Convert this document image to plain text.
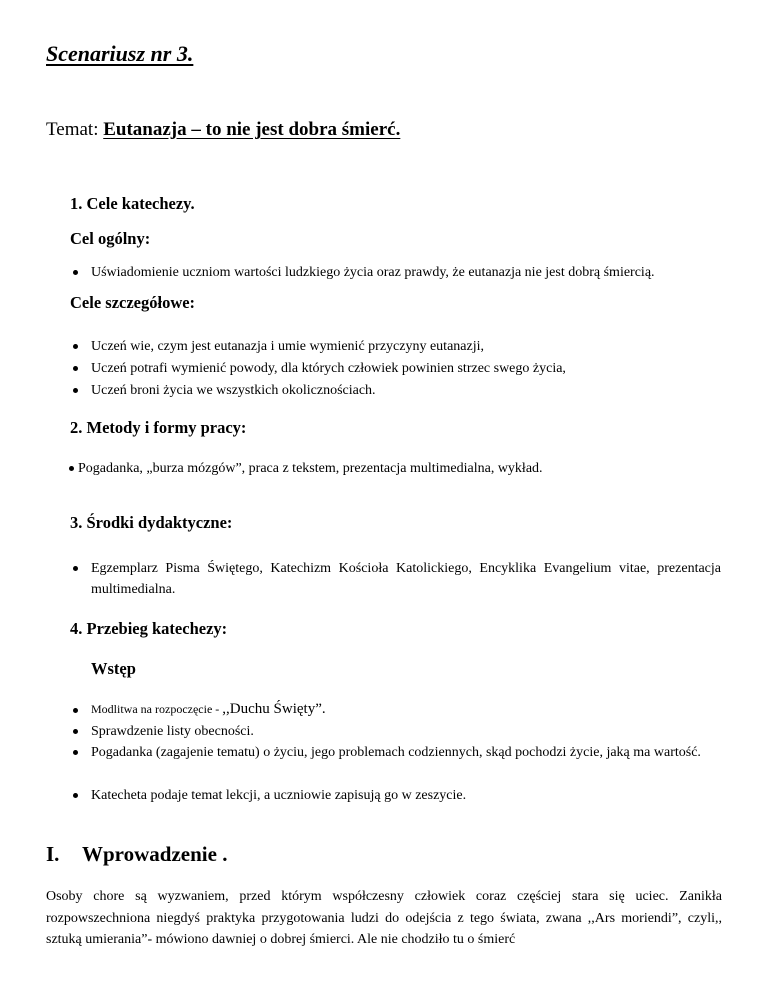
Scenariusz nr 3.
Temat: Eutanazja – to nie jest dobra śmierć.
1. Cele katechezy.
Cel ogólny:
Uświadomienie uczniom wartości ludzkiego życia oraz prawdy, że eutanazja nie jest dobrą śmiercią.
Cele szczegółowe:
Uczeń wie, czym jest eutanazja i umie wymienić przyczyny eutanazji,
Uczeń potrafi wymienić powody, dla których człowiek powinien strzec swego życia,
Uczeń broni życia we wszystkich okolicznościach.
2. Metody i formy pracy:
Pogadanka, „burza mózgów”, praca z tekstem, prezentacja multimedialna, wykład.
3. Środki dydaktyczne:
Egzemplarz Pisma Świętego, Katechizm Kościoła Katolickiego, Encyklika Evangelium vitae, prezentacja multimedialna.
4. Przebieg katechezy:
Wstęp
Modlitwa na rozpoczęcie - ,,Duchu Święty”.
Sprawdzenie listy obecności.
Pogadanka (zagajenie tematu) o życiu, jego problemach codziennych, skąd pochodzi życie, jaką ma wartość.
Katecheta podaje temat lekcji, a uczniowie zapisują go w zeszycie.
I. Wprowadzenie .
Osoby chore są wyzwaniem, przed którym współczesny człowiek coraz częściej stara się uciec. Zanikła rozpowszechniona niegdyś praktyka przygotowania ludzi do odejścia z tego świata, zwana ,,Ars moriendi”, czyli,, sztuką umierania”- mówiono dawniej o dobrej śmierci. Ale nie chodziło tu o śmierć
